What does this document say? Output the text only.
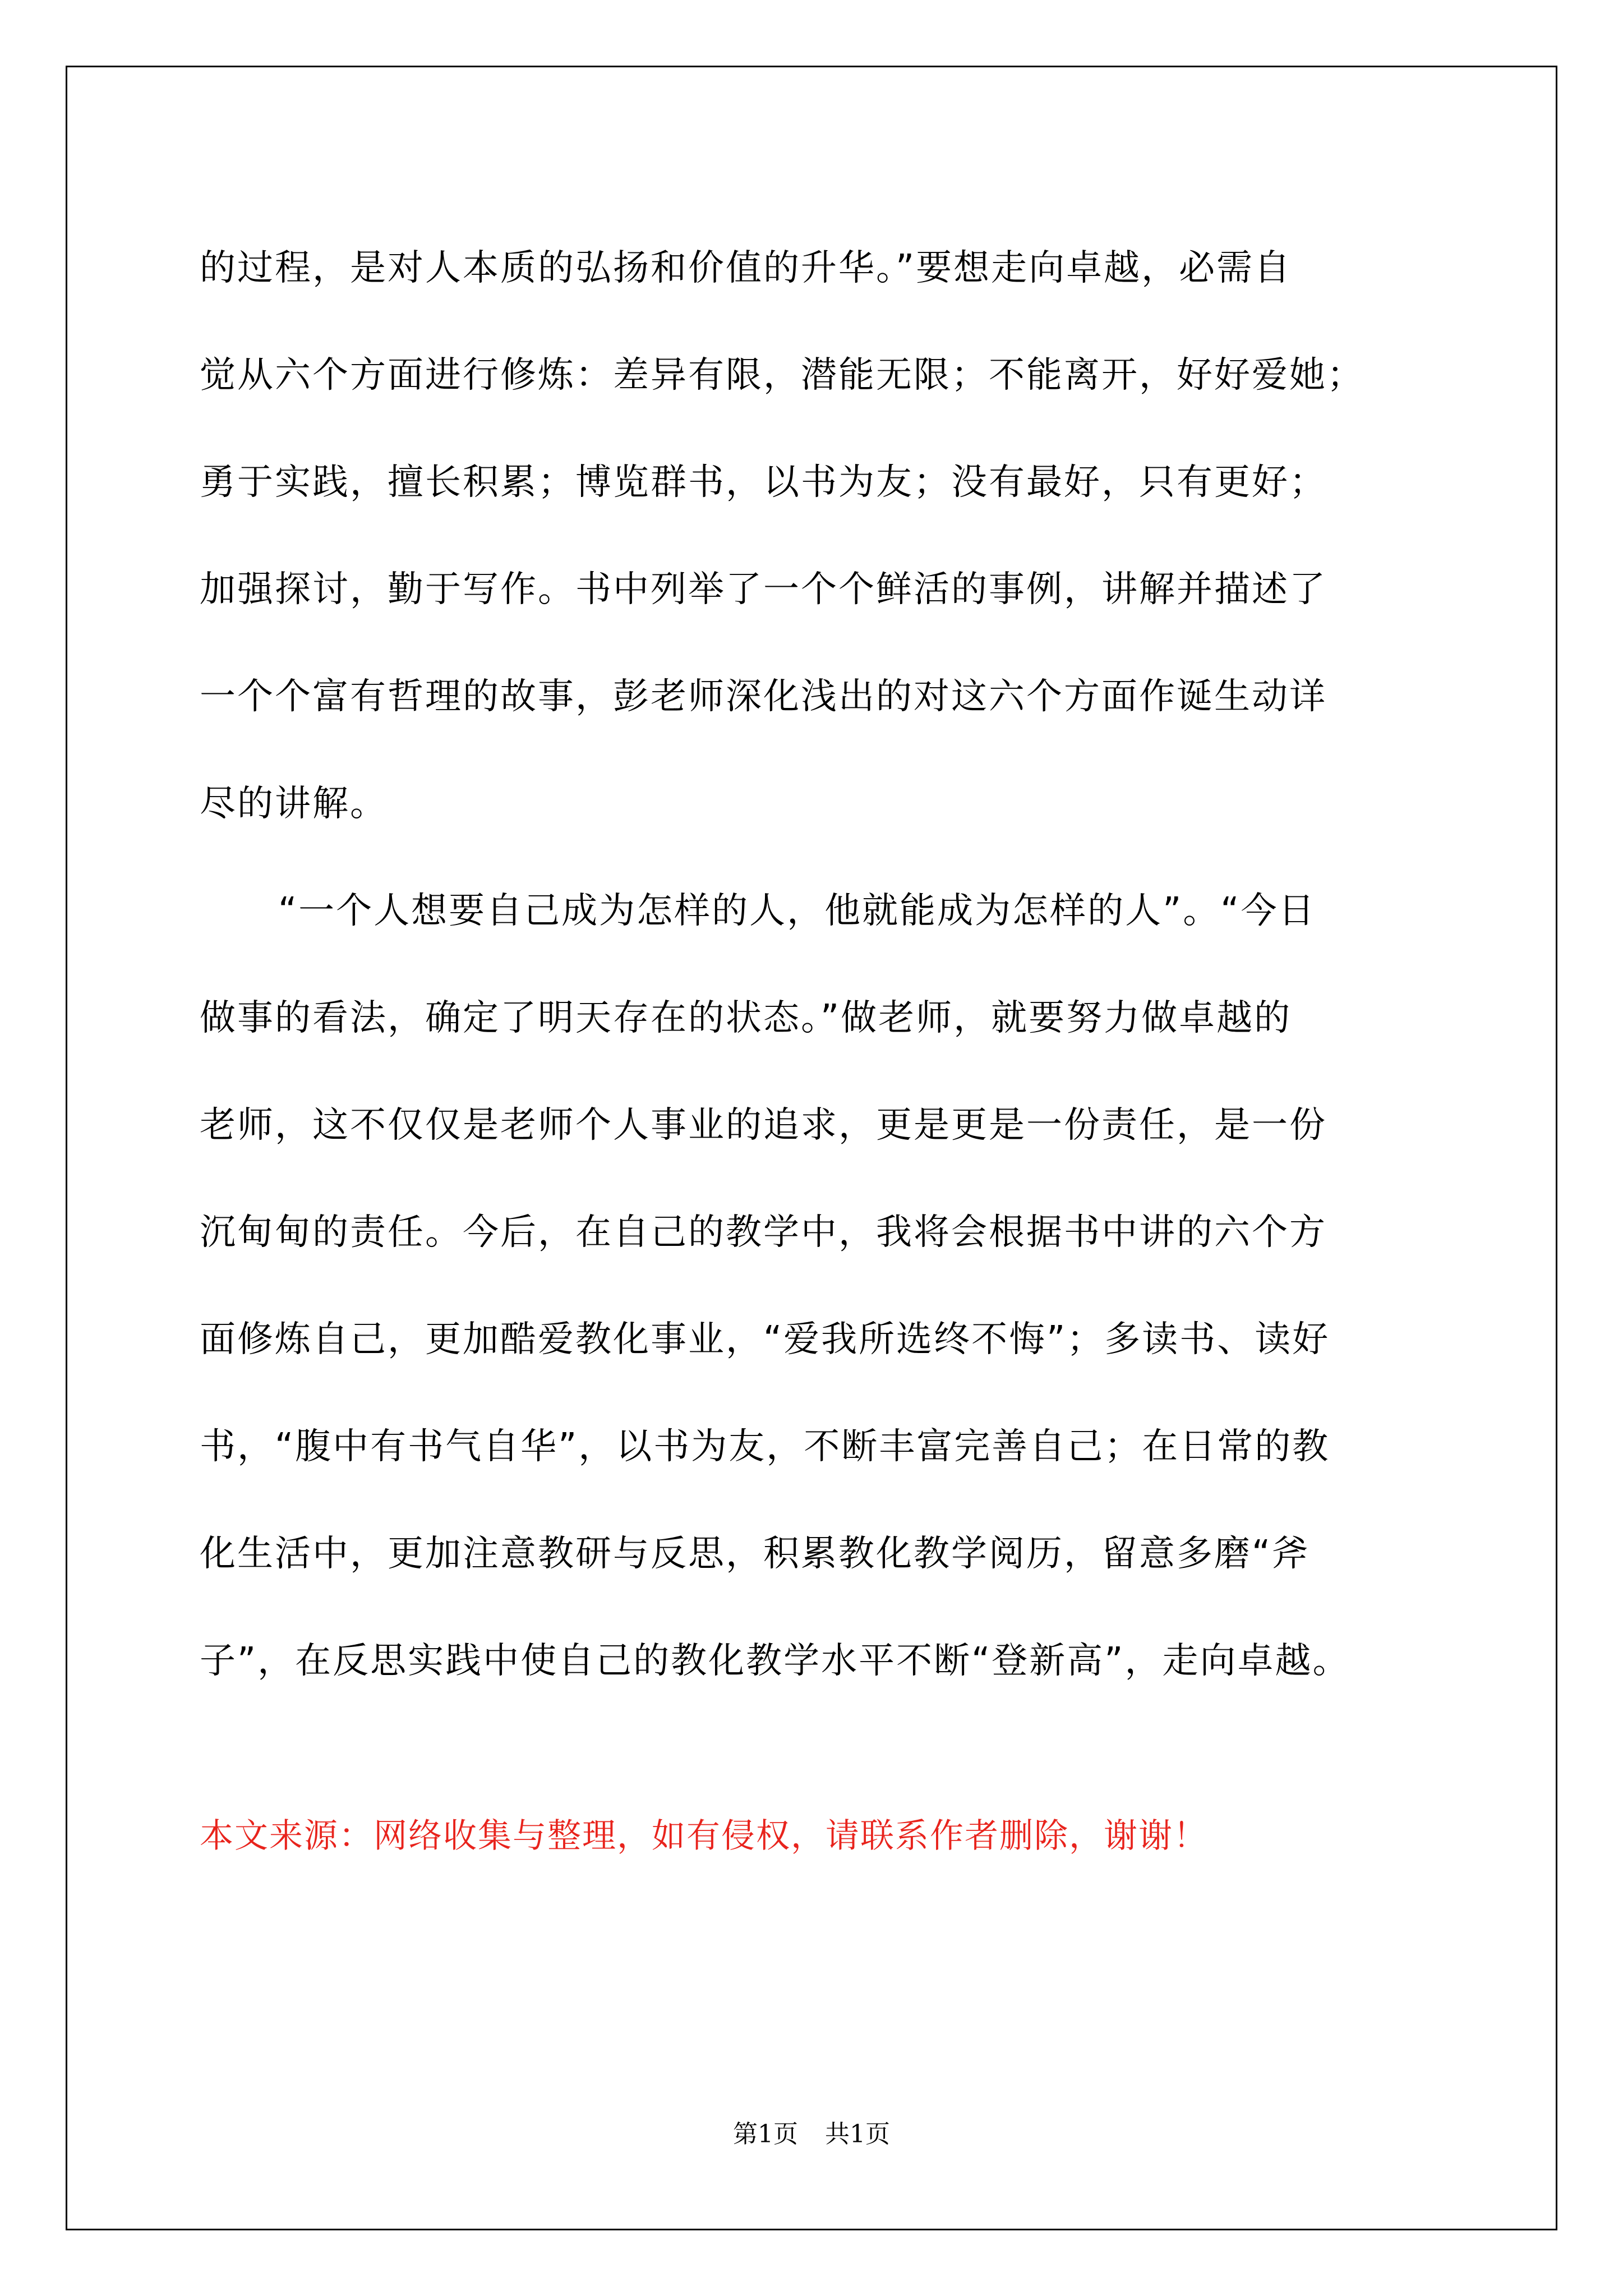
的过程，是对人本质的弘扬和价值的升华。”要想走向卓越，必需自
觉从六个方面进行修炼：差异有限，潜能无限；不能离开，好好爱她；
勇于实践，擅长积累；博览群书，以书为友；没有最好，只有更好；
加强探讨，勤于写作。书中列举了一个个鲜活的事例，讲解并描述了
一个个富有哲理的故事，彭老师深化浅出的对这六个方面作诞生动详
尽的讲解。
“一个人想要自己成为怎样的人，他就能成为怎样的人”。“今日
做事的看法，确定了明天存在的状态。”做老师，就要努力做卓越的
老师，这不仅仅是老师个人事业的追求，更是更是一份责任，是一份
沉甸甸的责任。今后，在自己的教学中，我将会根据书中讲的六个方
面修炼自己，更加酷爱教化事业，“爱我所选终不悔”；多读书、读好
书，“腹中有书气自华”，以书为友，不断丰富完善自己；在日常的教
化生活中，更加注意教研与反思，积累教化教学阅历，留意多磨“斧
子”，在反思实践中使自己的教化教学水平不断“登新高”，走向卓越。
本文来源：网络收集与整理，如有侵权，请联系作者删除，谢谢！
第1页 共1页
